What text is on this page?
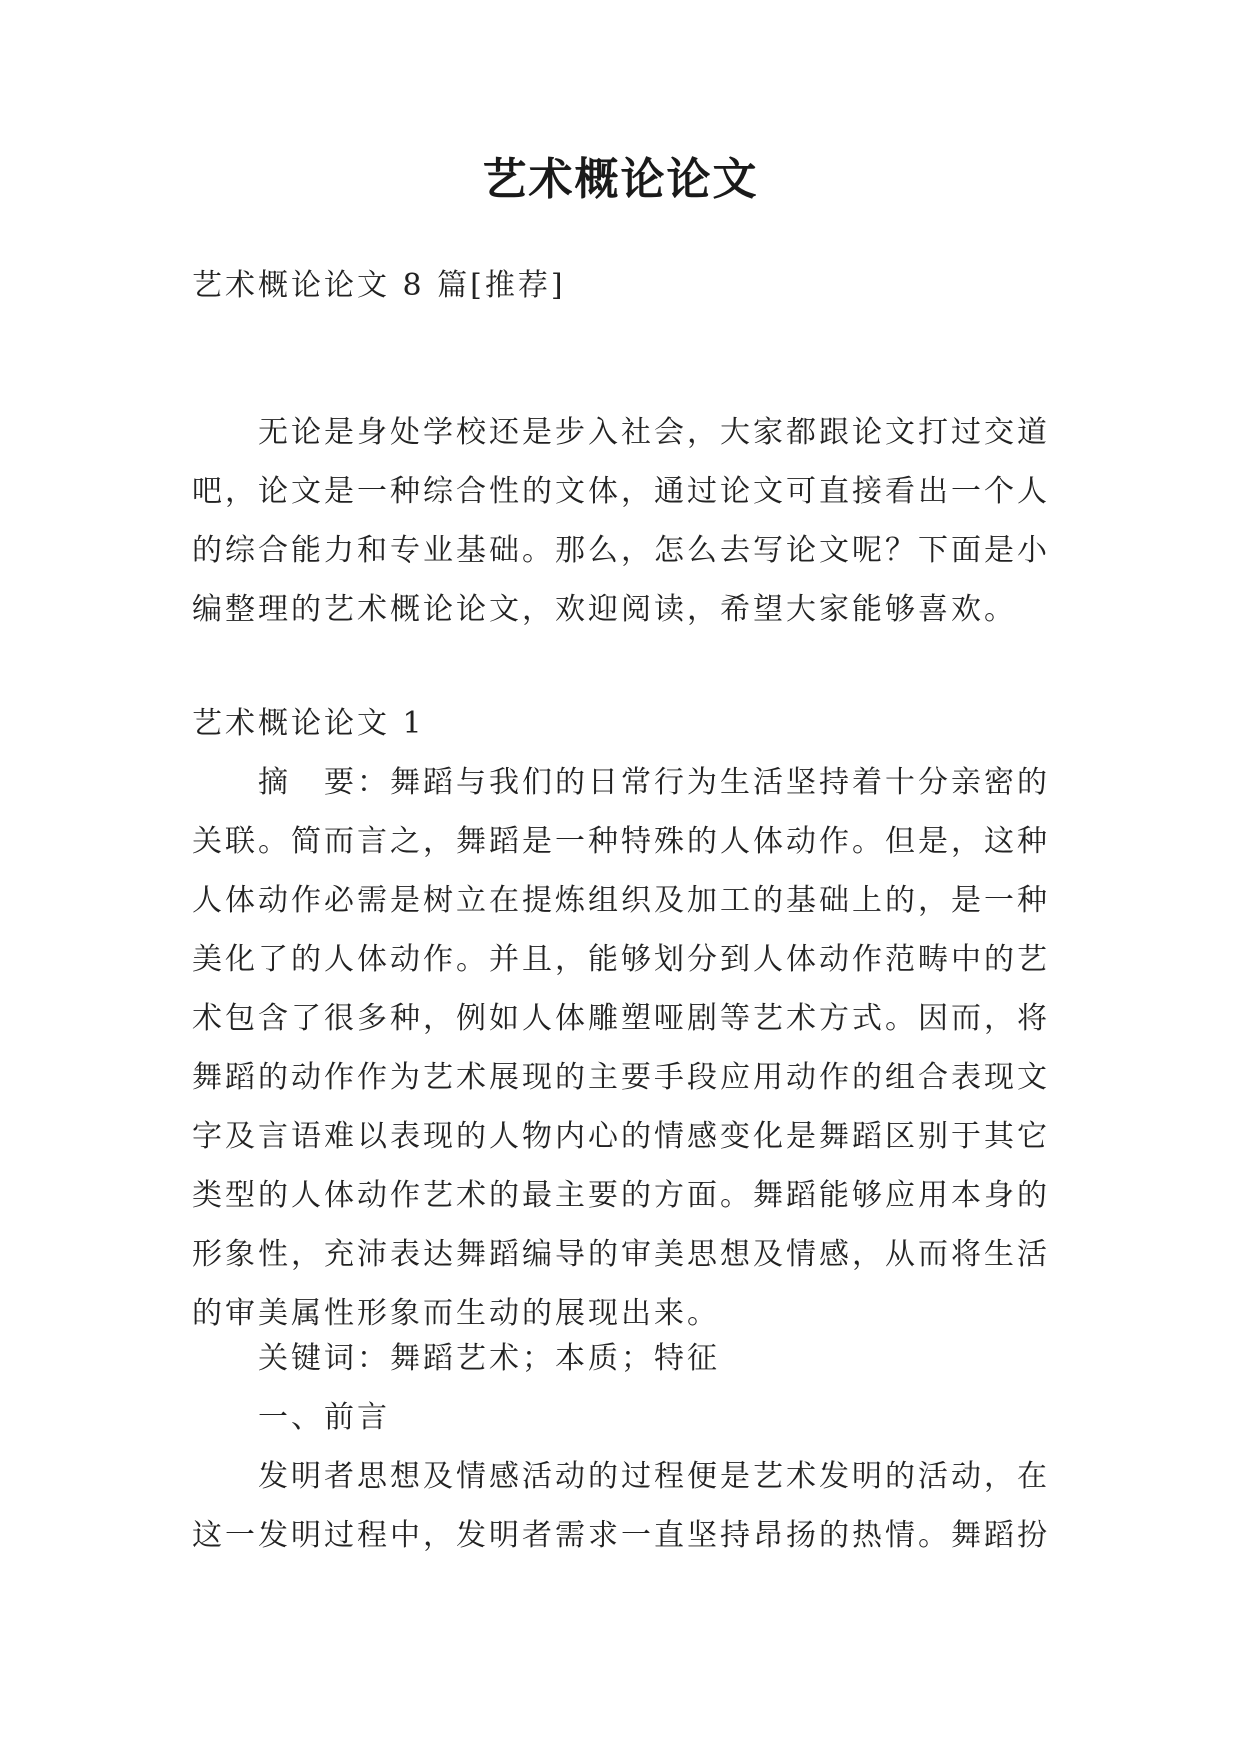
艺术概论论文

艺术概论论文 8 篇[推荐]

无论是身处学校还是步入社会，大家都跟论文打过交道吧，论文是一种综合性的文体，通过论文可直接看出一个人的综合能力和专业基础。那么，怎么去写论文呢？下面是小编整理的艺术概论论文，欢迎阅读，希望大家能够喜欢。

艺术概论论文 1

摘　要：舞蹈与我们的日常行为生活坚持着十分亲密的关联。简而言之，舞蹈是一种特殊的人体动作。但是，这种人体动作必需是树立在提炼组织及加工的基础上的，是一种美化了的人体动作。并且，能够划分到人体动作范畴中的艺术包含了很多种，例如人体雕塑哑剧等艺术方式。因而，将舞蹈的动作作为艺术展现的主要手段应用动作的组合表现文字及言语难以表现的人物内心的情感变化是舞蹈区别于其它类型的人体动作艺术的最主要的方面。舞蹈能够应用本身的形象性，充沛表达舞蹈编导的审美思想及情感，从而将生活的审美属性形象而生动的展现出来。

关键词：舞蹈艺术；本质；特征

一、前言

发明者思想及情感活动的过程便是艺术发明的活动，在这一发明过程中，发明者需求一直坚持昂扬的热情。舞蹈扮
